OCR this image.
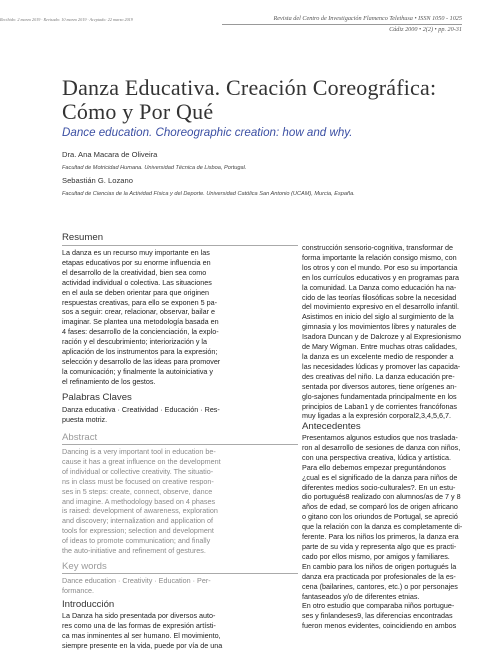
Recibido: 2 marzo 2019 · Revisado: 10 marzo 2019 · Aceptado: 22 marzo 2019	Revista del Centro de Investigación Flamenco Telethusa • ISSN 1050 - 1025
Cádiz 2000 • 2(2) • pp. 20-31
Danza Educativa. Creación Coreográfica:
Cómo y Por Qué
Dance education. Choreographic creation: how and why.
Dra. Ana Macara de Oliveira
Facultad de Motricidad Humana. Universidad Técnica de Lisboa, Portugal.
Sebastián G. Lozano
Facultad de Ciencias de la Actividad Física y del Deporte. Universidad Católica San Antonio (UCAM), Murcia, España.
Resumen
La danza es un recurso muy importante en las
etapas educativos por su enorme influencia en
el desarrollo de la creatividad, bien sea como
actividad individual o colectiva. Las situaciones
en el aula se deben orientar para que originen
respuestas creativas, para ello se exponen 5 pa-
sos a seguir: crear, relacionar, observar, bailar e
imaginar. Se plantea una metodología basada en
4 fases: desarrollo de la concienciación, la explo-
ración y el descubrimiento; interiorización y la
aplicación de los instrumentos para la expresión;
selección y desarrollo de las ideas para promover
la comunicación; y finalmente la autoiniciativa y
el refinamiento de los gestos.
Palabras Claves
Danza educativa · Creatividad · Educación · Res-
puesta motriz.
Abstract
Dancing is a very important tool in education be-
cause it has a great influence on the development
of individual or collective creativity. The situatio-
ns in class must be focused on creative respon-
ses in 5 steps: create, connect, observe, dance
and imagine. A methodology based on 4 phases
is raised: development of awareness, exploration
and discovery; internalization and application of
tools for expression; selection and development
of ideas to promote communication; and finally
the auto-initiative and refinement of gestures.
Key words
Dance education · Creativity · Education · Per-
formance.
Introducción
La Danza ha sido presentada por diversos auto-
res como una de las formas de expresión artísti-
ca mas inminentes al ser humano. El movimiento,
siempre presente en la vida, puede por vía de una
construcción sensorio-cognitiva, transformar de
forma importante la relación consigo mismo, con
los otros y con el mundo. Por eso su importancia
en los currículos educativos y en programas para
la comunidad. La Danza como educación ha na-
cido de las teorías filosóficas sobre la necesidad
del movimiento expresivo en el desarrollo infantil.
Asistimos en inicio del siglo al surgimiento de la
gimnasia y los movimientos libres y naturales de
Isadora Duncan y de Dalcroze y al Expresionismo
de Mary Wigman. Entre muchas otras calidades,
la danza es un excelente medio de responder a
las necesidades lúdicas y promover las capacida-
des creativas del niño. La danza educación pre-
sentada por diversos autores, tiene orígenes an-
glo-sajones fundamentada principalmente en los
principios de Laban1 y de corrientes francófonas
muy ligadas a la expresión corporal2,3,4,5,6,7.
Antecedentes
Presentamos algunos estudios que nos traslada-
ron al desarrollo de sesiones de danza con niños,
con una perspectiva creativa, lúdica y artística.
Para ello debemos empezar preguntándonos
¿cual es el significado de la danza para niños de
diferentes medios socio-culturales?. En un estu-
dio portugués8 realizado con alumnos/as de 7 y 8
años de edad, se comparó los de origen africano
o gitano con los oriundos de Portugal, se apreció
que la relación con la danza es completamente di-
ferente. Para los niños los primeros, la danza era
parte de su vida y representa algo que es practi-
cado por ellos mismo, por amigos y familiares.
En cambio para los niños de origen portugués la
danza era practicada por profesionales de la es-
cena (bailarines, cantores, etc.) o por personajes
fantaseados y/o de diferentes etnias.
En otro estudio que comparaba niños portugue-
ses y finlandeses9, las diferencias encontradas
fueron menos evidentes, coincidiendo en ambos
